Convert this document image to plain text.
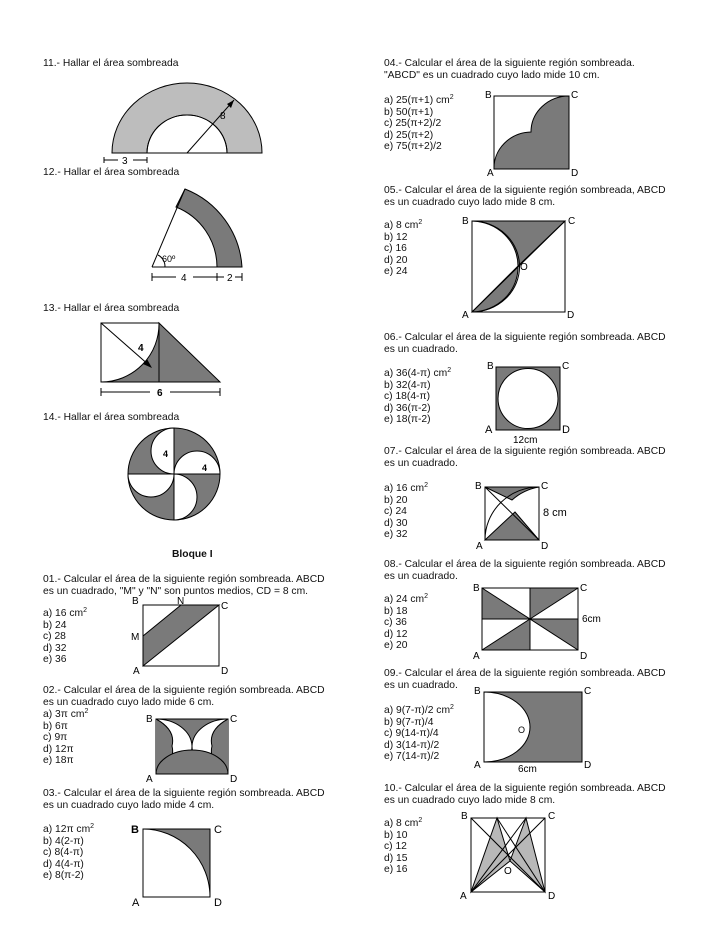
11.- Hallar el área sombreada
8
3
12.- Hallar el área sombreada
60º
4	2
13.- Hallar el área sombreada
4
6
14.- Hallar el área sombreada
4
4
Bloque I
01.- Calcular el área de la siguiente región sombreada. ABCD
es un cuadrado, "M" y "N" son puntos medios, CD = 8 cm.
a) 16 $cm^2$
b) 24
c) 28
d) 32
e) 36
B	N	C
M
A	D
02.- Calcular el área de la siguiente región sombreada. ABCD
es un cuadrado cuyo lado mide 6 cm.
a) 3π $cm^2$
b) 6π
c) 9π
d) 12π
e) 18π
B	C
A	D
03.- Calcular el área de la siguiente región sombreada. ABCD
es un cuadrado cuyo lado mide 4 cm.
a) 12π $cm^2$
b) 4(2-π)
c) 8(4-π)
d) 4(4-π)
e) 8(π-2)
B	C
A	D
04.- Calcular el área de la siguiente región sombreada.
"ABCD" es un cuadrado cuyo lado mide 10 cm.
a) 25(π+1) $cm^2$
b) 50(π+1)
c) 25(π+2)/2
d) 25(π+2)
e) 75(π+2)/2
B	C
A	D
05.- Calcular el área de la siguiente región sombreada, ABCD
es un cuadrado cuyo lado mide 8 cm.
a) 8 $cm^2$
b) 12
c) 16
d) 20
e) 24
B	C
O
A	D
06.- Calcular el área de la siguiente región sombreada. ABCD
es un cuadrado.
a) 36(4-π) $cm^2$
b) 32(4-π)
c) 18(4-π)
d) 36(π-2)
e) 18(π-2)
B	C
A	D
12cm
07.- Calcular el área de la siguiente región sombreada. ABCD
es un cuadrado.
a) 16 $cm^2$
b) 20
c) 24
d) 30
e) 32
B	C
A	D
8 cm
08.- Calcular el área de la siguiente región sombreada. ABCD
es un cuadrado.
a) 24 $cm^2$
b) 18
c) 36
d) 12
e) 20
B	C
A	D
6cm
09.- Calcular el área de la siguiente región sombreada. ABCD
es un cuadrado.
a) 9(7-π)/2 $cm^2$
b) 9(7-π)/4
c) 9(14-π)/4
d) 3(14-π)/2
e) 7(14-π)/2
B	C
O
A	D
6cm
10.- Calcular el área de la siguiente región sombreada. ABCD
es un cuadrado cuyo lado mide 8 cm.
a) 8 $cm^2$
b) 10
c) 12
d) 15
e) 16
B	C
O
A	D
